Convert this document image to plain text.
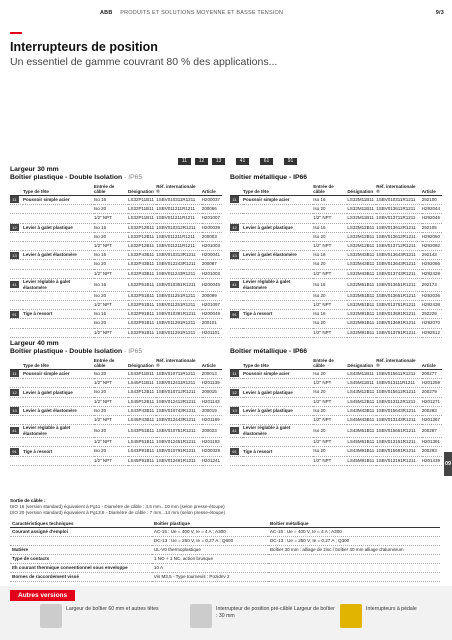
ABB PRODUITS ET SOLUTIONS MOYENNE ET BASSE TENSION	9/3
Interrupteurs de position
Un essentiel de gamme couvrant 80 % des applications...
11	12	13	41	61	91
Largeur 30 mm
Boîtier plastique - Double Isolation - IP65	Boîtier métallique - IP66
	Type de tête	Entrée de câble	Désignation	Réf. internationale ®	Article
11	Poussoir simple acier	Iso 16	LS32P11B11	1SBV010311R1211	H200037
		Iso 20	LS32P11B11	1SBV011211R1211	200066
		1/2" NPT	LS32P11B11	1SBV011211R1211	H201007
12	Levier à galet plastique	Iso 16	LS32P12B11	1SBV010312R1211	H200039
		Iso 20	LS32P12B11	1SBV011211R1211	200003
		1/2" NPT	LS32P12B11	1SBV011211R1211	H201003
13	Levier à galet élastomère	Iso 16	LS32P43B11	1SBV010313R1211	H200041
		Iso 20	LS32P43B11	1SBV012243R1211	200087
		1/2" NPT	LS32P43B11	1SBV011243R1211	H201003
41	Levier réglable à galet élastomère	Iso 16	LS32P51B11	1SBV010351R1211	H200045
		Iso 20	LS32P51B11	1SBV011251R1211	200099
		1/2" NPT	LS32P51B11	1SBV011251R1211	H201097
91	Tige à ressort	Iso 16	LS32P91B11	1SBV010391R1211	H200049
		Iso 20	LS32P91B11	1SBV011291R1211	200101
		1/2" NPT	LS32P91B11	1SBV011291R1211	H201101
	Type de tête	Entrée de câble	Désignation	Réf. internationale ®	Article
11	Poussoir simple acier	Iso 16	LS32M11B11	1SBV010311R1211	292100
		Iso 20	LS32M11B11	1SBV013611R1211	H292044
		1/2" NPT	LS32M11B11	1SBV013711R1211	H292046
12	Levier à galet plastique	Iso 16	LS32M12B11	1SBV013612R1211	292105
		Iso 20	LS32M12B11	1SBV013612R1211	H292050
		1/2" NPT	LS32M12B11	1SBV013712R1211	H292092
13	Levier à galet élastomère	Iso 16	LS32M43B11	1SBV013643R1211	292143
		Iso 20	LS32M43B11	1SBV013643R1211	H292086
		1/2" NPT	LS32M43B11	1SBV013743R1211	H292428
41	Levier réglable à galet élastomère	Iso 16	LS32M51B11	1SBV013651R1211	292173
		Iso 20	LS32M51B11	1SBV013651R1211	H292036
		1/2" NPT	LS32M51B11	1SBV013751R1211	H292438
91	Tige à ressort	Iso 16	LS32M91B11	1SBV013691R1211	292228
		Iso 20	LS32M91B11	1SBV013691R1211	H292070
		1/2" NPT	LS32M91B11	1SBV013791R1211	H292512
Largeur 40 mm
Boîtier plastique - Double Isolation - IP65	Boîtier métallique - IP66
	Type de tête	Entrée de câble	Désignation	Réf. internationale ®	Article
11	Poussoir simple acier	Iso 20	LS43P11B11	1SBV010711R1211	200013
		1/2" NPT	LS45P11B11	1SBV012411R1211	H201139
12	Levier à galet plastique	Iso 20	LS43P12B11	1SBV010712R1211	200015
		1/2" NPT	LS45P12B11	1SBV012412R1211	H201143
13	Levier à galet élastomère	Iso 20	LS43P43B11	1SBV010743R1211	200019
		1/2" NPT	LS45P43B11	1SBV012443R1211	H201169
41	Levier réglable à galet élastomère	Iso 20	LS43P51B11	1SBV010751R1211	200023
		1/2" NPT	LS45P51B11	1SBV012451R1211	H201193
91	Tige à ressort	Iso 20	LS43P91B11	1SBV010791R1211	H200329
		1/2" NPT	LS45P91B11	1SBV012491R1211	H201241
	Type de tête	Entrée de câble	Désignation	Réf. internationale ®	Article
11	Poussoir simple acier	Iso 20	LS43M11B11	1SBV015611R1211	200277
		1/2" NPT	LS45M11B11	1SBV013111R1211	H201259
12	Levier à galet plastique	Iso 20	LS43M12B11	1SBV015612R1211	200279
		1/2" NPT	LS45M12B11	1SBV013112R1211	H201271
13	Levier à galet plastique	Iso 20	LS43M43B11	1SBV015643R1211	200283
		1/2" NPT	LS45M43B11	1SBV013143R1211	H201367
41	Levier réglable à galet élastomère	Iso 20	LS43M51B11	1SBV015651R1211	200287
		1/2" NPT	LS45M51B11	1SBV013151R1211	H201391
91	Tige à ressort	Iso 20	LS43M91B11	1SBV015691R1211	200293
		1/2" NPT	LS45M91B11	1SBV013191R1211	H201439
Sortie de câble :
ISO 16 (version standard) équivalent à Pg11 - Diamètre de câble : 4,5 mm...10 mm (selon presse-étoupe)
ISO 20 (version standard) équivalent à Pg13,5 - Diamètre de câble : 7 mm...14 mm (selon presse-étoupe)
Caractéristiques techniques	Boîtier plastique	Boîtier métallique
Courant assigné d'emploi	AC-15 : Ue = 400 V, Ie = 4 A ; A300	AC-15 : Ue = 400 V, Ie = 4 A ; A300
	DC-13 : Ue = 250 V, Ie = 0,27 A ; Q600	DC-13 : Ue = 250 V, Ie = 0,27 A ; Q300
Matière	UL-V0 thermoplastique	Boîtier 30 mm : alliage de zinc / boîtier 40 mm alliage d'aluminium
Type de contacts	1 NO + 1 NC, action brusque	
Ith courant thermique conventionnel sous enveloppe	10 A	
Bornes de raccordement vissé	Vis M3,5 - Type tournevis : Pozidriv 2	
09
Autres versions
Largeur de boîtier 60 mm et autres têtes	Interrupteur de position pré-câblé Largeur de boîtier : 30 mm
Interrupteurs à pédale
